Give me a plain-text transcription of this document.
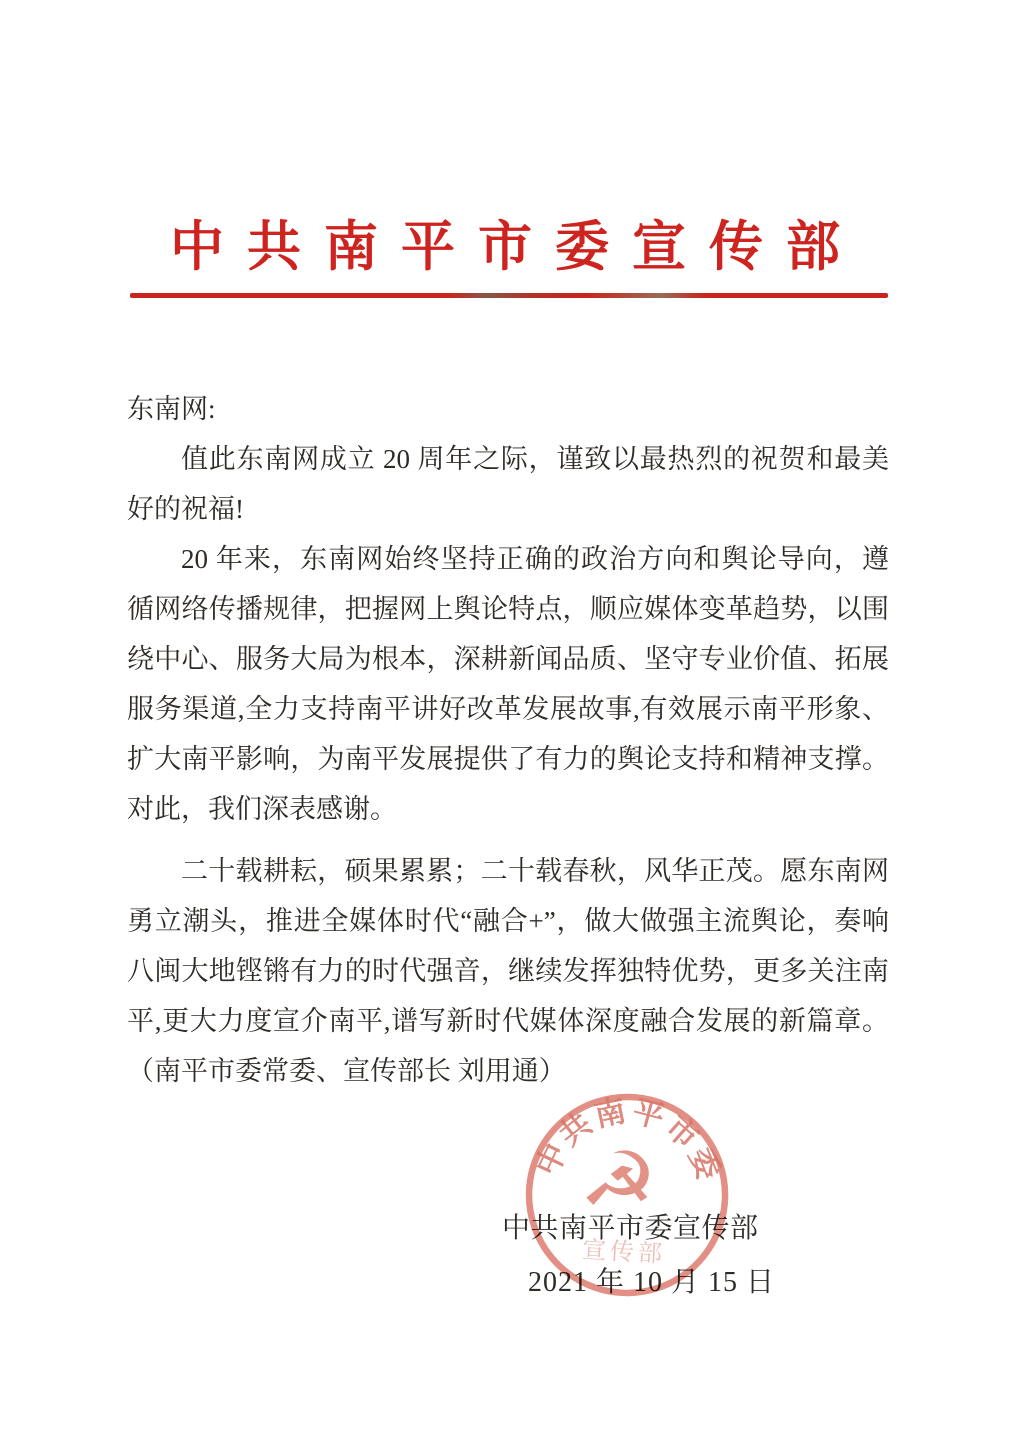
中共南平市委宣传部
东南网:
值此东南网成立 20 周年之际，谨致以最热烈的祝贺和最美
好的祝福!
20 年来，东南网始终坚持正确的政治方向和舆论导向，遵
循网络传播规律，把握网上舆论特点，顺应媒体变革趋势，以围
绕中心、服务大局为根本，深耕新闻品质、坚守专业价值、拓展
服务渠道,全力支持南平讲好改革发展故事,有效展示南平形象、
扩大南平影响，为南平发展提供了有力的舆论支持和精神支撑。
对此，我们深表感谢。
二十载耕耘，硕果累累；二十载春秋，风华正茂。愿东南网
勇立潮头，推进全媒体时代“融合+”，做大做强主流舆论，奏响
八闽大地铿锵有力的时代强音，继续发挥独特优势，更多关注南
平,更大力度宣介南平,谱写新时代媒体深度融合发展的新篇章。
（南平市委常委、宣传部长 刘用通）
中共南平市委宣传部
2021 年 10 月 15 日
中共南平市委
☭
宣传部
